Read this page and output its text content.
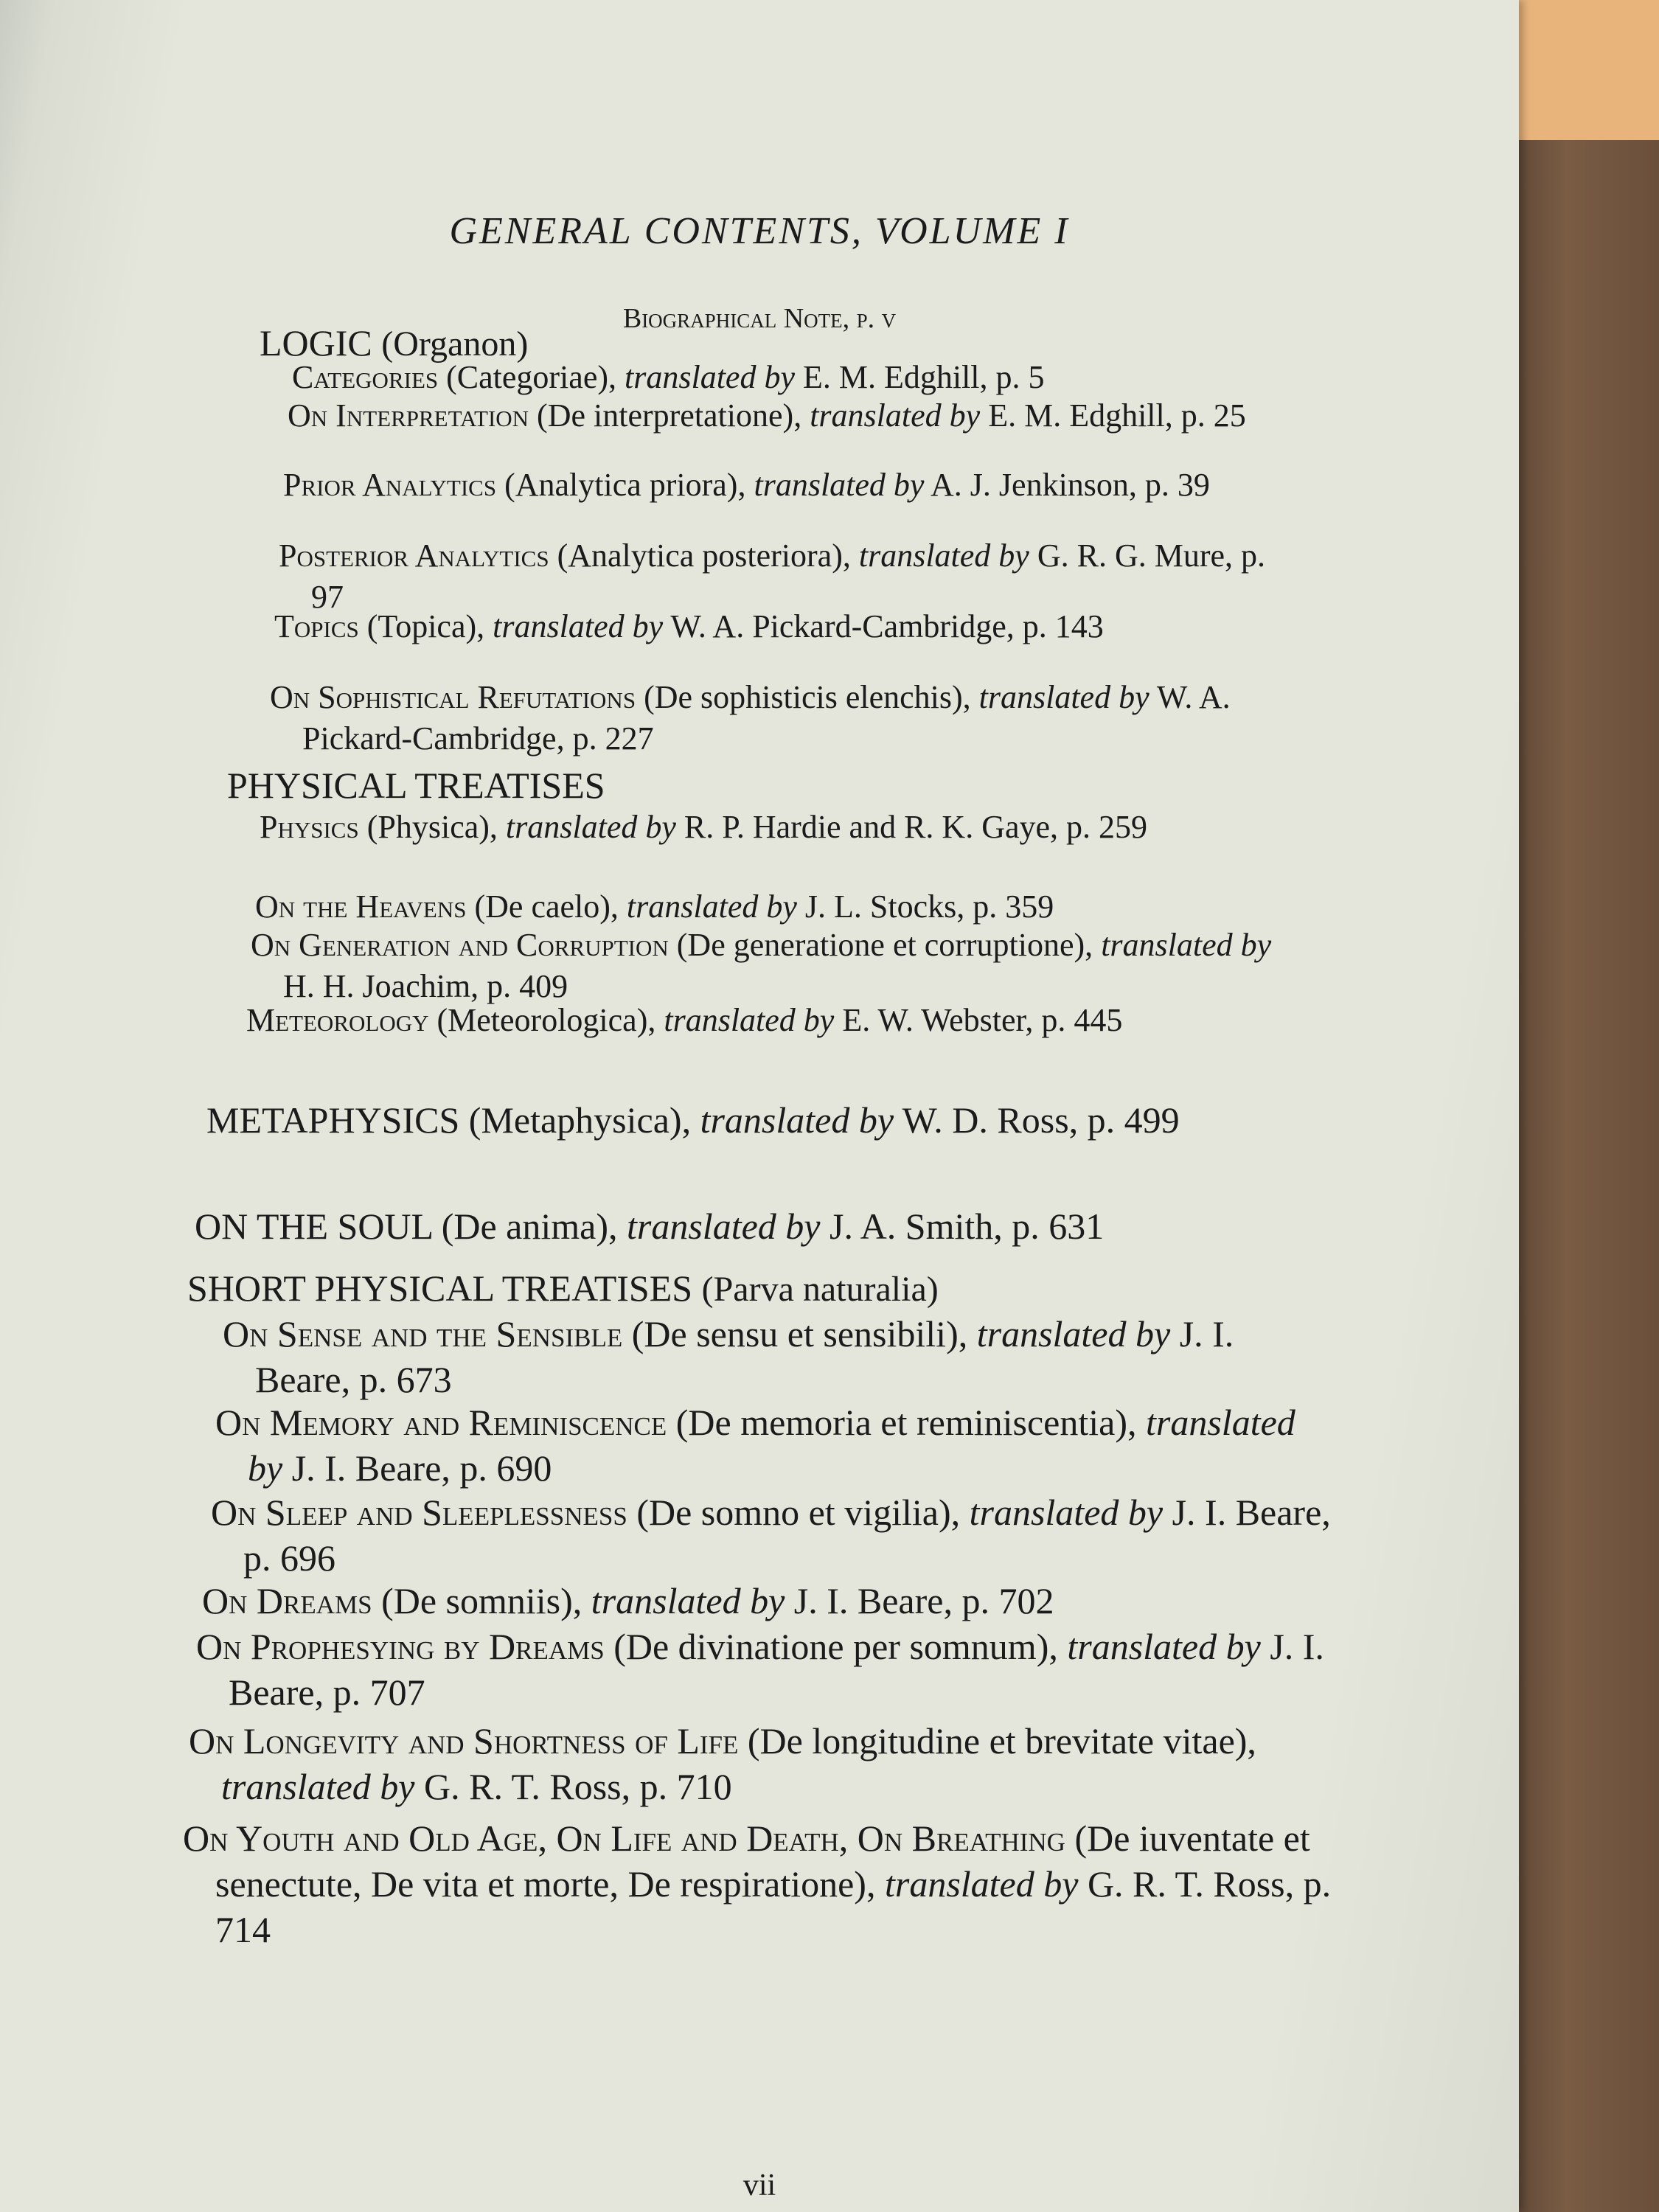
GENERAL CONTENTS, VOLUME I
Biographical Note, p. v
LOGIC (Organon)
Categories (Categoriae), translated by E. M. Edghill, p. 5
On Interpretation (De interpretatione), translated by E. M. Edghill, p. 25
Prior Analytics (Analytica priora), translated by A. J. Jenkinson, p. 39
Posterior Analytics (Analytica posteriora), translated by G. R. G. Mure, p. 97
Topics (Topica), translated by W. A. Pickard-Cambridge, p. 143
On Sophistical Refutations (De sophisticis elenchis), translated by W. A. Pickard-Cambridge, p. 227
PHYSICAL TREATISES
Physics (Physica), translated by R. P. Hardie and R. K. Gaye, p. 259
On the Heavens (De caelo), translated by J. L. Stocks, p. 359
On Generation and Corruption (De generatione et corruptione), translated by H. H. Joachim, p. 409
Meteorology (Meteorologica), translated by E. W. Webster, p. 445
METAPHYSICS (Metaphysica), translated by W. D. Ross, p. 499
ON THE SOUL (De anima), translated by J. A. Smith, p. 631
SHORT PHYSICAL TREATISES (Parva naturalia)
On Sense and the Sensible (De sensu et sensibili), translated by J. I. Beare, p. 673
On Memory and Reminiscence (De memoria et reminiscentia), translated by J. I. Beare, p. 690
On Sleep and Sleeplessness (De somno et vigilia), translated by J. I. Beare, p. 696
On Dreams (De somniis), translated by J. I. Beare, p. 702
On Prophesying by Dreams (De divinatione per somnum), translated by J. I. Beare, p. 707
On Longevity and Shortness of Life (De longitudine et brevitate vitae), translated by G. R. T. Ross, p. 710
On Youth and Old Age, On Life and Death, On Breathing (De iuventate et senectute, De vita et morte, De respiratione), translated by G. R. T. Ross, p. 714
vii
